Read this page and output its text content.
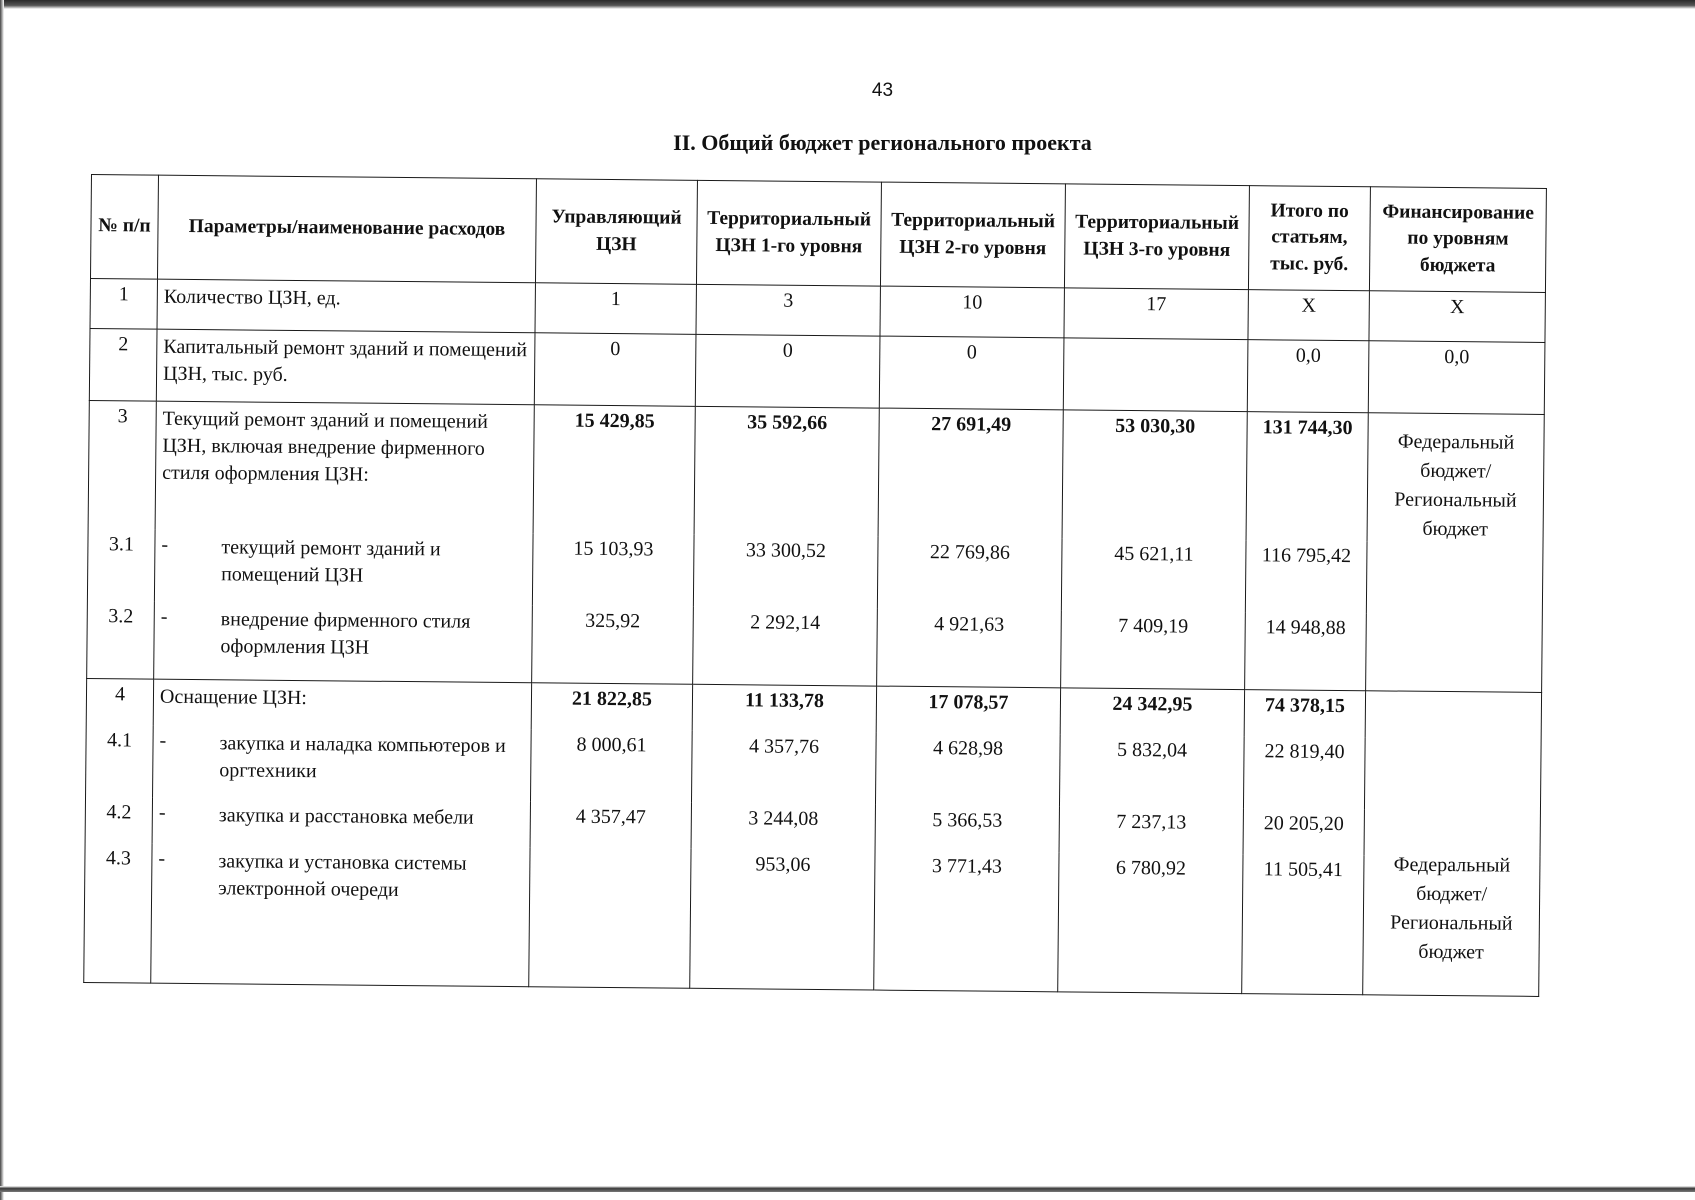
43
II. Общий бюджет регионального проекта
№ п/п	Параметры/наименование расходов	Управляющий ЦЗН	Территориальный ЦЗН 1-го уровня	Территориальный ЦЗН 2-го уровня	Территориальный ЦЗН 3-го уровня	Итого по статьям, тыс. руб.	Финансирование по уровням бюджета
1	Количество ЦЗН, ед.	1	3	10	17	Х	Х
2	Капитальный ремонт зданий и помещений ЦЗН, тыс. руб.	0	0	0		0,0	0,0
3	Текущий ремонт зданий и помещений ЦЗН, включая внедрение фирменного стиля оформления ЦЗН:	15 429,85	35 592,66	27 691,49	53 030,30	131 744,30	Федеральный бюджет/ Региональный бюджет
3.1	- текущий ремонт зданий и помещений ЦЗН	15 103,93	33 300,52	22 769,86	45 621,11	116 795,42	
3.2	- внедрение фирменного стиля оформления ЦЗН	325,92	2 292,14	4 921,63	7 409,19	14 948,88	
4	Оснащение ЦЗН:	21 822,85	11 133,78	17 078,57	24 342,95	74 378,15	Федеральный бюджет/ Региональный бюджет
4.1	- закупка и наладка компьютеров и оргтехники	8 000,61	4 357,76	4 628,98	5 832,04	22 819,40	
4.2	- закупка и расстановка мебели	4 357,47	3 244,08	5 366,53	7 237,13	20 205,20	
4.3	- закупка и установка системы электронной очереди		953,06	3 771,43	6 780,92	11 505,41	
